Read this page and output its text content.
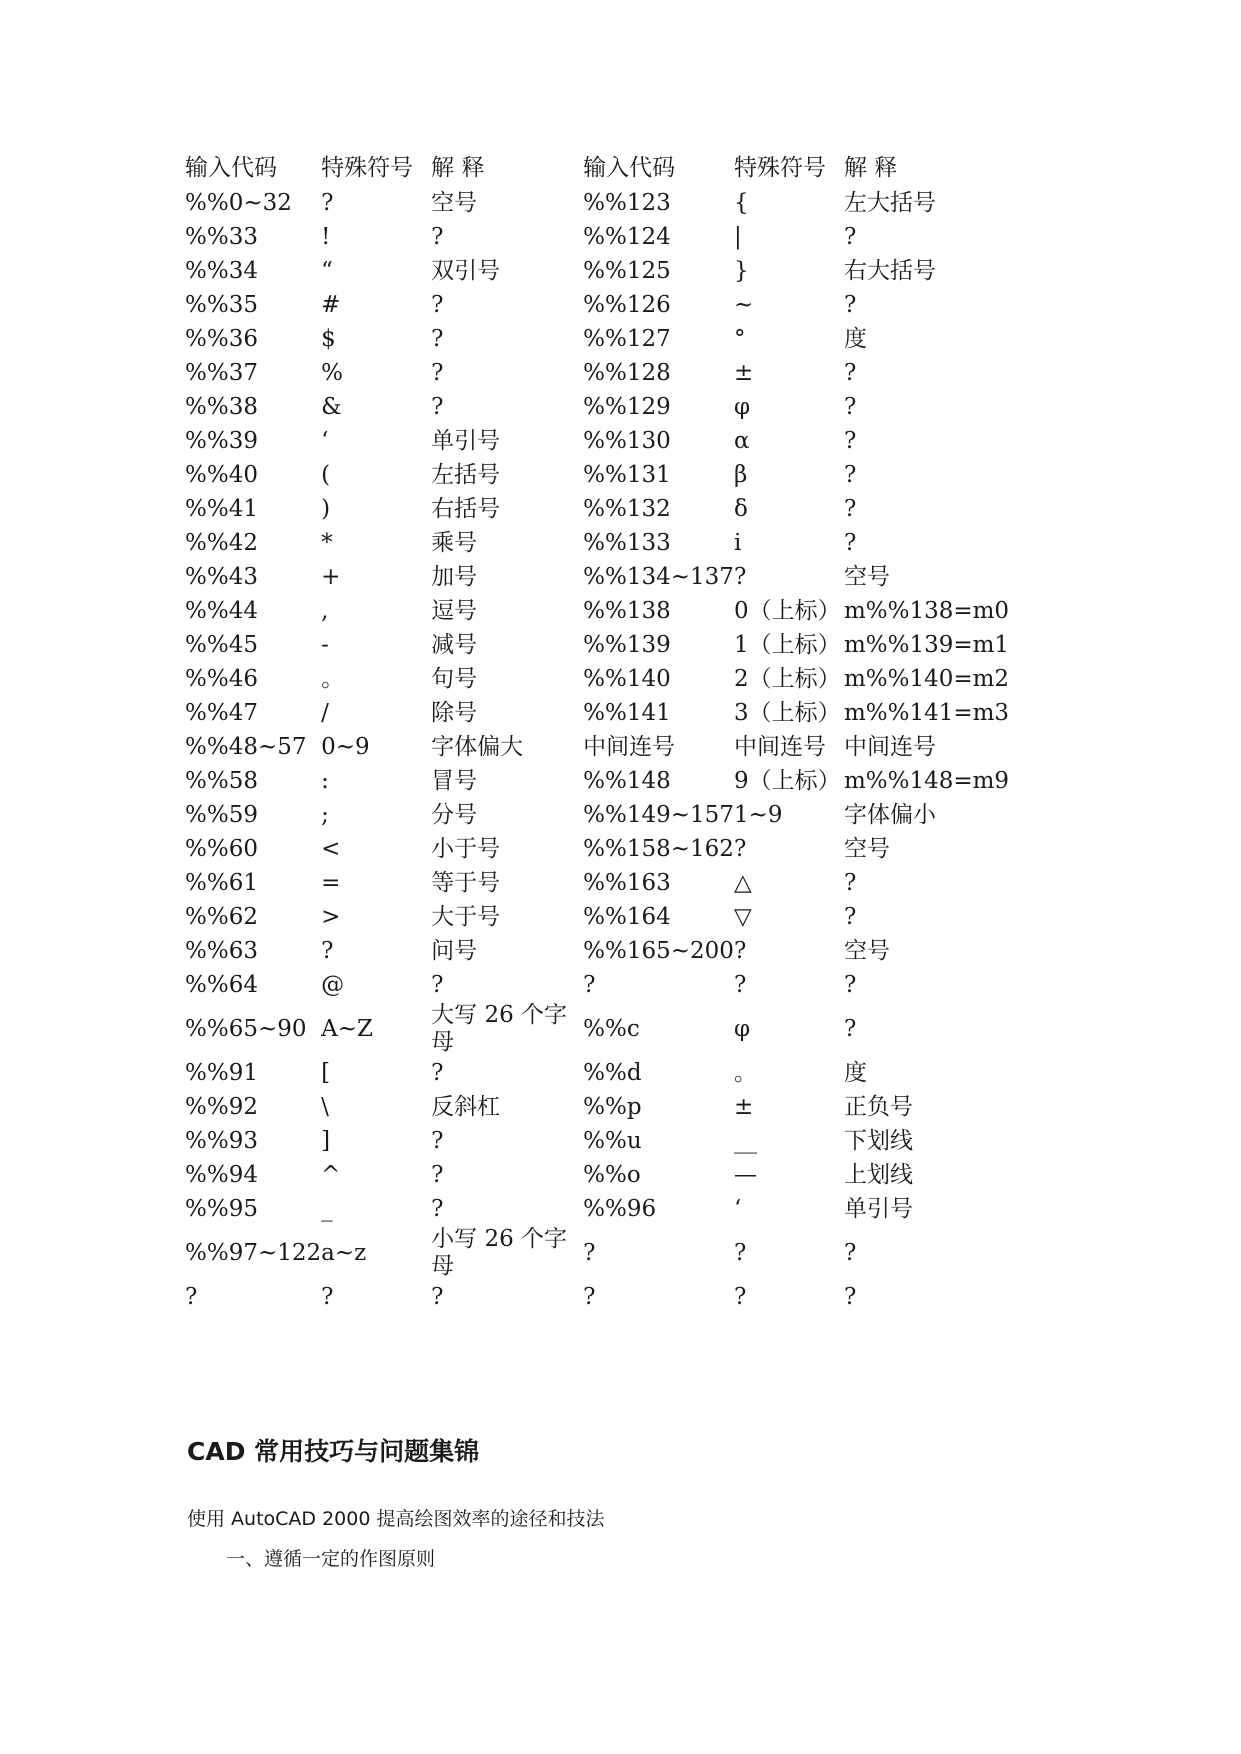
输入代码	特殊符号	解 释	输入代码	特殊符号	解 释
%%0~32	?	空号	%%123	{	左大括号
%%33	!	?	%%124	|	?
%%34	“	双引号	%%125	}	右大括号
%%35	#	?	%%126	~	?
%%36	$	?	%%127	°	度
%%37	%	?	%%128	±	?
%%38	&	?	%%129	φ	?
%%39	‘	单引号	%%130	α	?
%%40	(	左括号	%%131	β	?
%%41	)	右括号	%%132	δ	?
%%42	*	乘号	%%133	i	?
%%43	+	加号	%%134~137	?	空号
%%44	,	逗号	%%138	0（上标）	m%%138=m0
%%45	-	减号	%%139	1（上标）	m%%139=m1
%%46	。	句号	%%140	2（上标）	m%%140=m2
%%47	/	除号	%%141	3（上标）	m%%141=m3
%%48~57	0~9	字体偏大	中间连号	中间连号	中间连号
%%58	:	冒号	%%148	9（上标）	m%%148=m9
%%59	;	分号	%%149~157	1~9	字体偏小
%%60	<	小于号	%%158~162	?	空号
%%61	=	等于号	%%163	△	?
%%62	>	大于号	%%164	▽	?
%%63	?	问号	%%165~200	?	空号
%%64	@	?	?	?	?
%%65~90	A~Z	大写 26 个字母	%%c	φ	?
%%91	[	?	%%d	。	度
%%92	\	反斜杠	%%p	±	正负号
%%93	]	?	%%u	__	下划线
%%94	^	?	%%o	—	上划线
%%95	_	?	%%96	‘	单引号
%%97~122	a~z	小写 26 个字母	?	?	?
?	?	?	?	?	?
CAD 常用技巧与问题集锦

使用 AutoCAD 2000 提高绘图效率的途径和技法

一、遵循一定的作图原则
